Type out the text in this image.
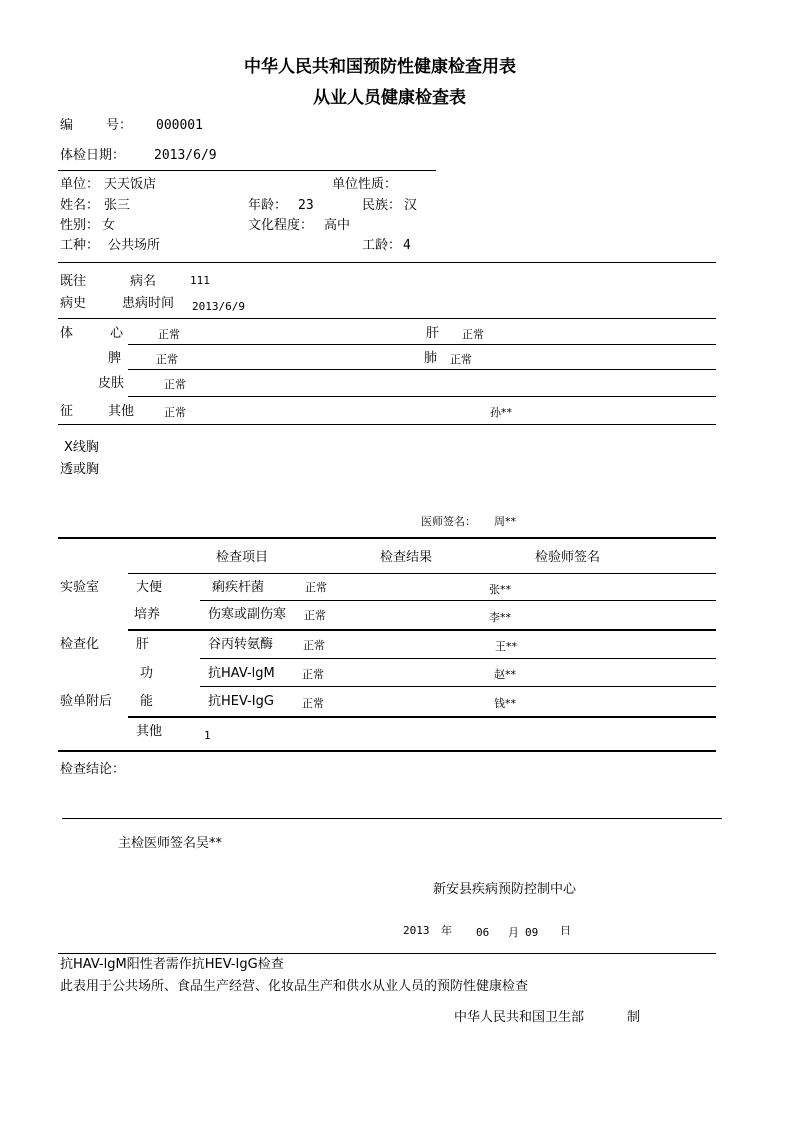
中华人民共和国预防性健康检查用表
从业人员健康检查表
编	号： 000001
体检日期： 2013/6/9
单位： 天天饭店	单位性质：
姓名： 张三	年龄： 23	民族： 汉
性别： 女	文化程度： 高中
工种： 公共场所	工龄： 4
既往	病名	111
病史	患病时间 2013/6/9
体	心	正常	肝 正常
脾	正常	肺 正常
皮肤	正常
征	其他	正常	孙**
X线胸
透或胸
医师签名： 周**
检查项目	检查结果	检验师签名
实验室	大便	痢疾杆菌	正常	张**
培养	伤寒或副伤寒 正常	李**
检查化	肝	谷丙转氨酶	正常	王**
功	抗HAV-lgM 正常	赵**
验单附后 能	抗HEV-IgG	正常	钱**
其他	1
检查结论：
主检医师签名吴**
新安县疾病预防控制中心
2013 年 06 月 09 日
抗HAV-lgM阳性者需作抗HEV-IgG检查
此表用于公共场所、食品生产经营、化妆品生产和供水从业人员的预防性健康检查
中华人民共和国卫生部	制
